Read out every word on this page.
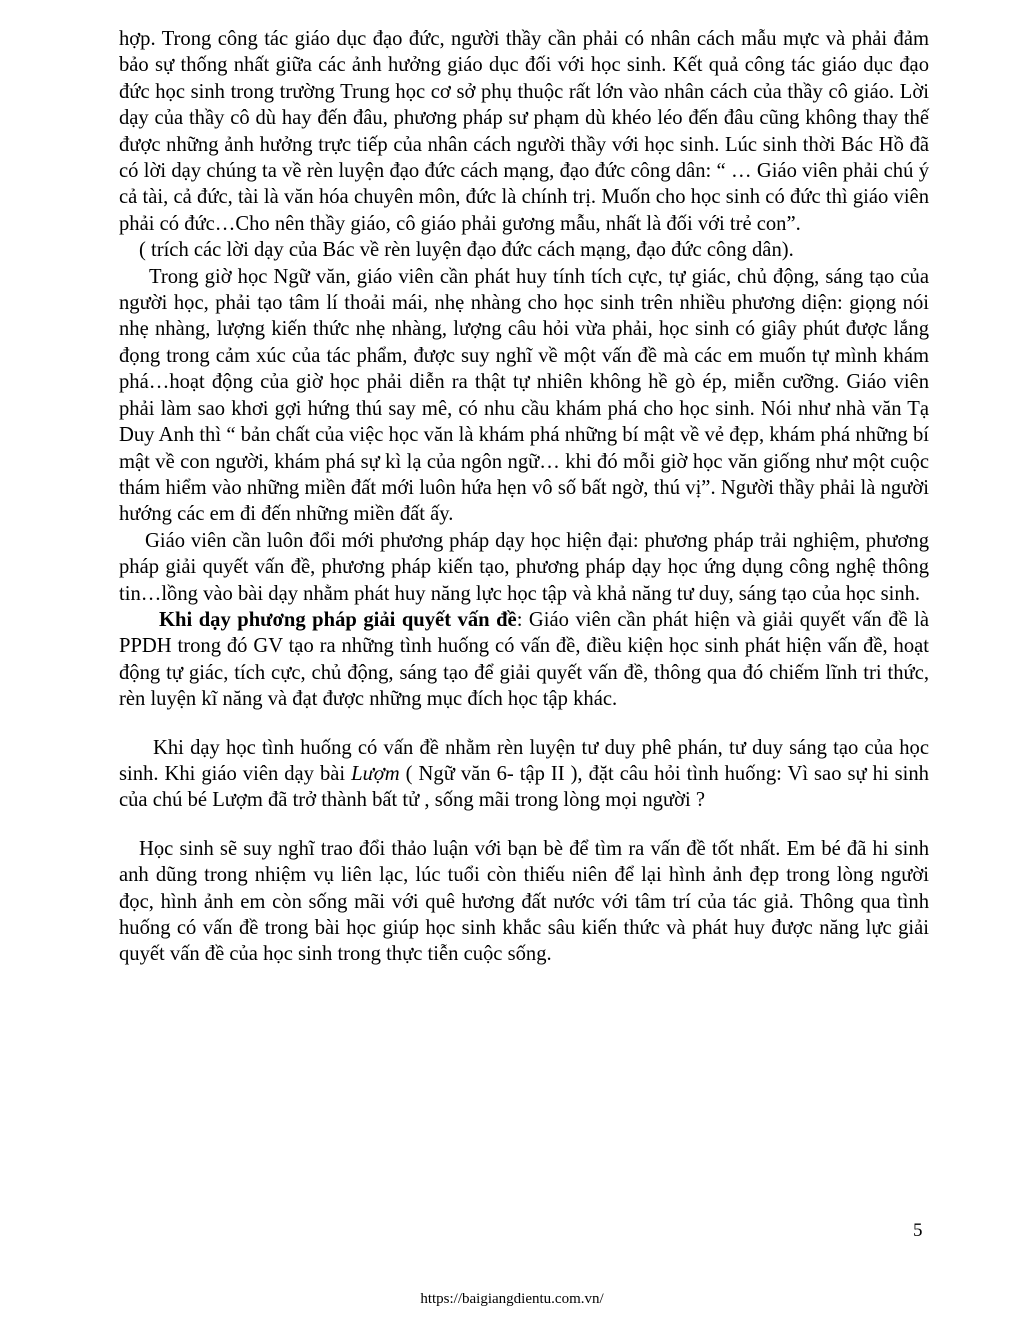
hợp. Trong công tác giáo dục đạo đức, người thầy cần phải có nhân cách mẫu mực và phải đảm bảo sự thống nhất giữa các ảnh hưởng giáo dục đối với học sinh. Kết quả công tác giáo dục đạo đức học sinh trong trường Trung học cơ sở phụ thuộc rất lớn vào nhân cách của thầy cô giáo. Lời dạy của thầy cô dù hay đến đâu, phương pháp sư phạm dù khéo léo đến đâu cũng không thay thế được những ảnh hưởng trực tiếp của nhân cách người thầy với học sinh. Lúc sinh thời Bác Hồ đã có lời dạy chúng ta về rèn luyện đạo đức cách mạng, đạo đức công dân: “ … Giáo viên phải chú ý cả tài, cả đức, tài là văn hóa chuyên môn, đức là chính trị. Muốn cho học sinh có đức thì giáo viên phải có đức…Cho nên thầy giáo, cô giáo phải gương mẫu, nhất là đối với trẻ con”.

( trích các lời dạy của Bác về rèn luyện đạo đức cách mạng, đạo đức công dân).

Trong giờ học Ngữ văn, giáo viên cần phát huy tính tích cực, tự giác, chủ động, sáng tạo của người học, phải tạo tâm lí thoải mái, nhẹ nhàng cho học sinh trên nhiều phương diện: giọng nói nhẹ nhàng, lượng kiến thức nhẹ nhàng, lượng câu hỏi vừa phải, học sinh có giây phút được lắng đọng trong cảm xúc của tác phẩm, được suy nghĩ về một vấn đề mà các em muốn tự mình khám phá…hoạt động của giờ học phải diễn ra thật tự nhiên không hề gò ép, miễn cưỡng. Giáo viên phải làm sao khơi gợi hứng thú say mê, có nhu cầu khám phá cho học sinh. Nói như nhà văn Tạ Duy Anh thì “ bản chất của việc học văn là khám phá những bí mật về vẻ đẹp, khám phá những bí mật về con người, khám phá sự kì lạ của ngôn ngữ… khi đó mỗi giờ học văn giống như một cuộc thám hiểm vào những miền đất mới luôn hứa hẹn vô số bất ngờ, thú vị”. Người thầy phải là người hướng các em đi đến những miền đất ấy.

Giáo viên cần luôn đổi mới phương pháp dạy học hiện đại: phương pháp trải nghiệm, phương pháp giải quyết vấn đề, phương pháp kiến tạo, phương pháp dạy học ứng dụng công nghệ thông tin…lồng vào bài dạy nhằm phát huy năng lực học tập và khả năng tư duy, sáng tạo của học sinh.

Khi dạy phương pháp giải quyết vấn đề: Giáo viên cần phát hiện và giải quyết vấn đề là PPDH trong đó GV tạo ra những tình huống có vấn đề, điều kiện học sinh phát hiện vấn đề, hoạt động tự giác, tích cực, chủ động, sáng tạo để giải quyết vấn đề, thông qua đó chiếm lĩnh tri thức, rèn luyện kĩ năng và đạt được những mục đích học tập khác.

Khi dạy học tình huống có vấn đề nhằm rèn luyện tư duy phê phán, tư duy sáng tạo của học sinh. Khi giáo viên dạy bài Lượm ( Ngữ văn 6- tập II ), đặt câu hỏi tình huống: Vì sao sự hi sinh của chú bé Lượm đã trở thành bất tử , sống mãi trong lòng mọi người ?

Học sinh sẽ suy nghĩ trao đổi thảo luận với bạn bè để tìm ra vấn đề tốt nhất. Em bé đã hi sinh anh dũng trong nhiệm vụ liên lạc, lúc tuổi còn thiếu niên để lại hình ảnh đẹp trong lòng người đọc, hình ảnh em còn sống mãi với quê hương đất nước với tâm trí của tác giả. Thông qua tình huống có vấn đề trong bài học giúp học sinh khắc sâu kiến thức và phát huy được năng lực giải quyết vấn đề của học sinh trong thực tiễn cuộc sống.

5
https://baigiangdientu.com.vn/
